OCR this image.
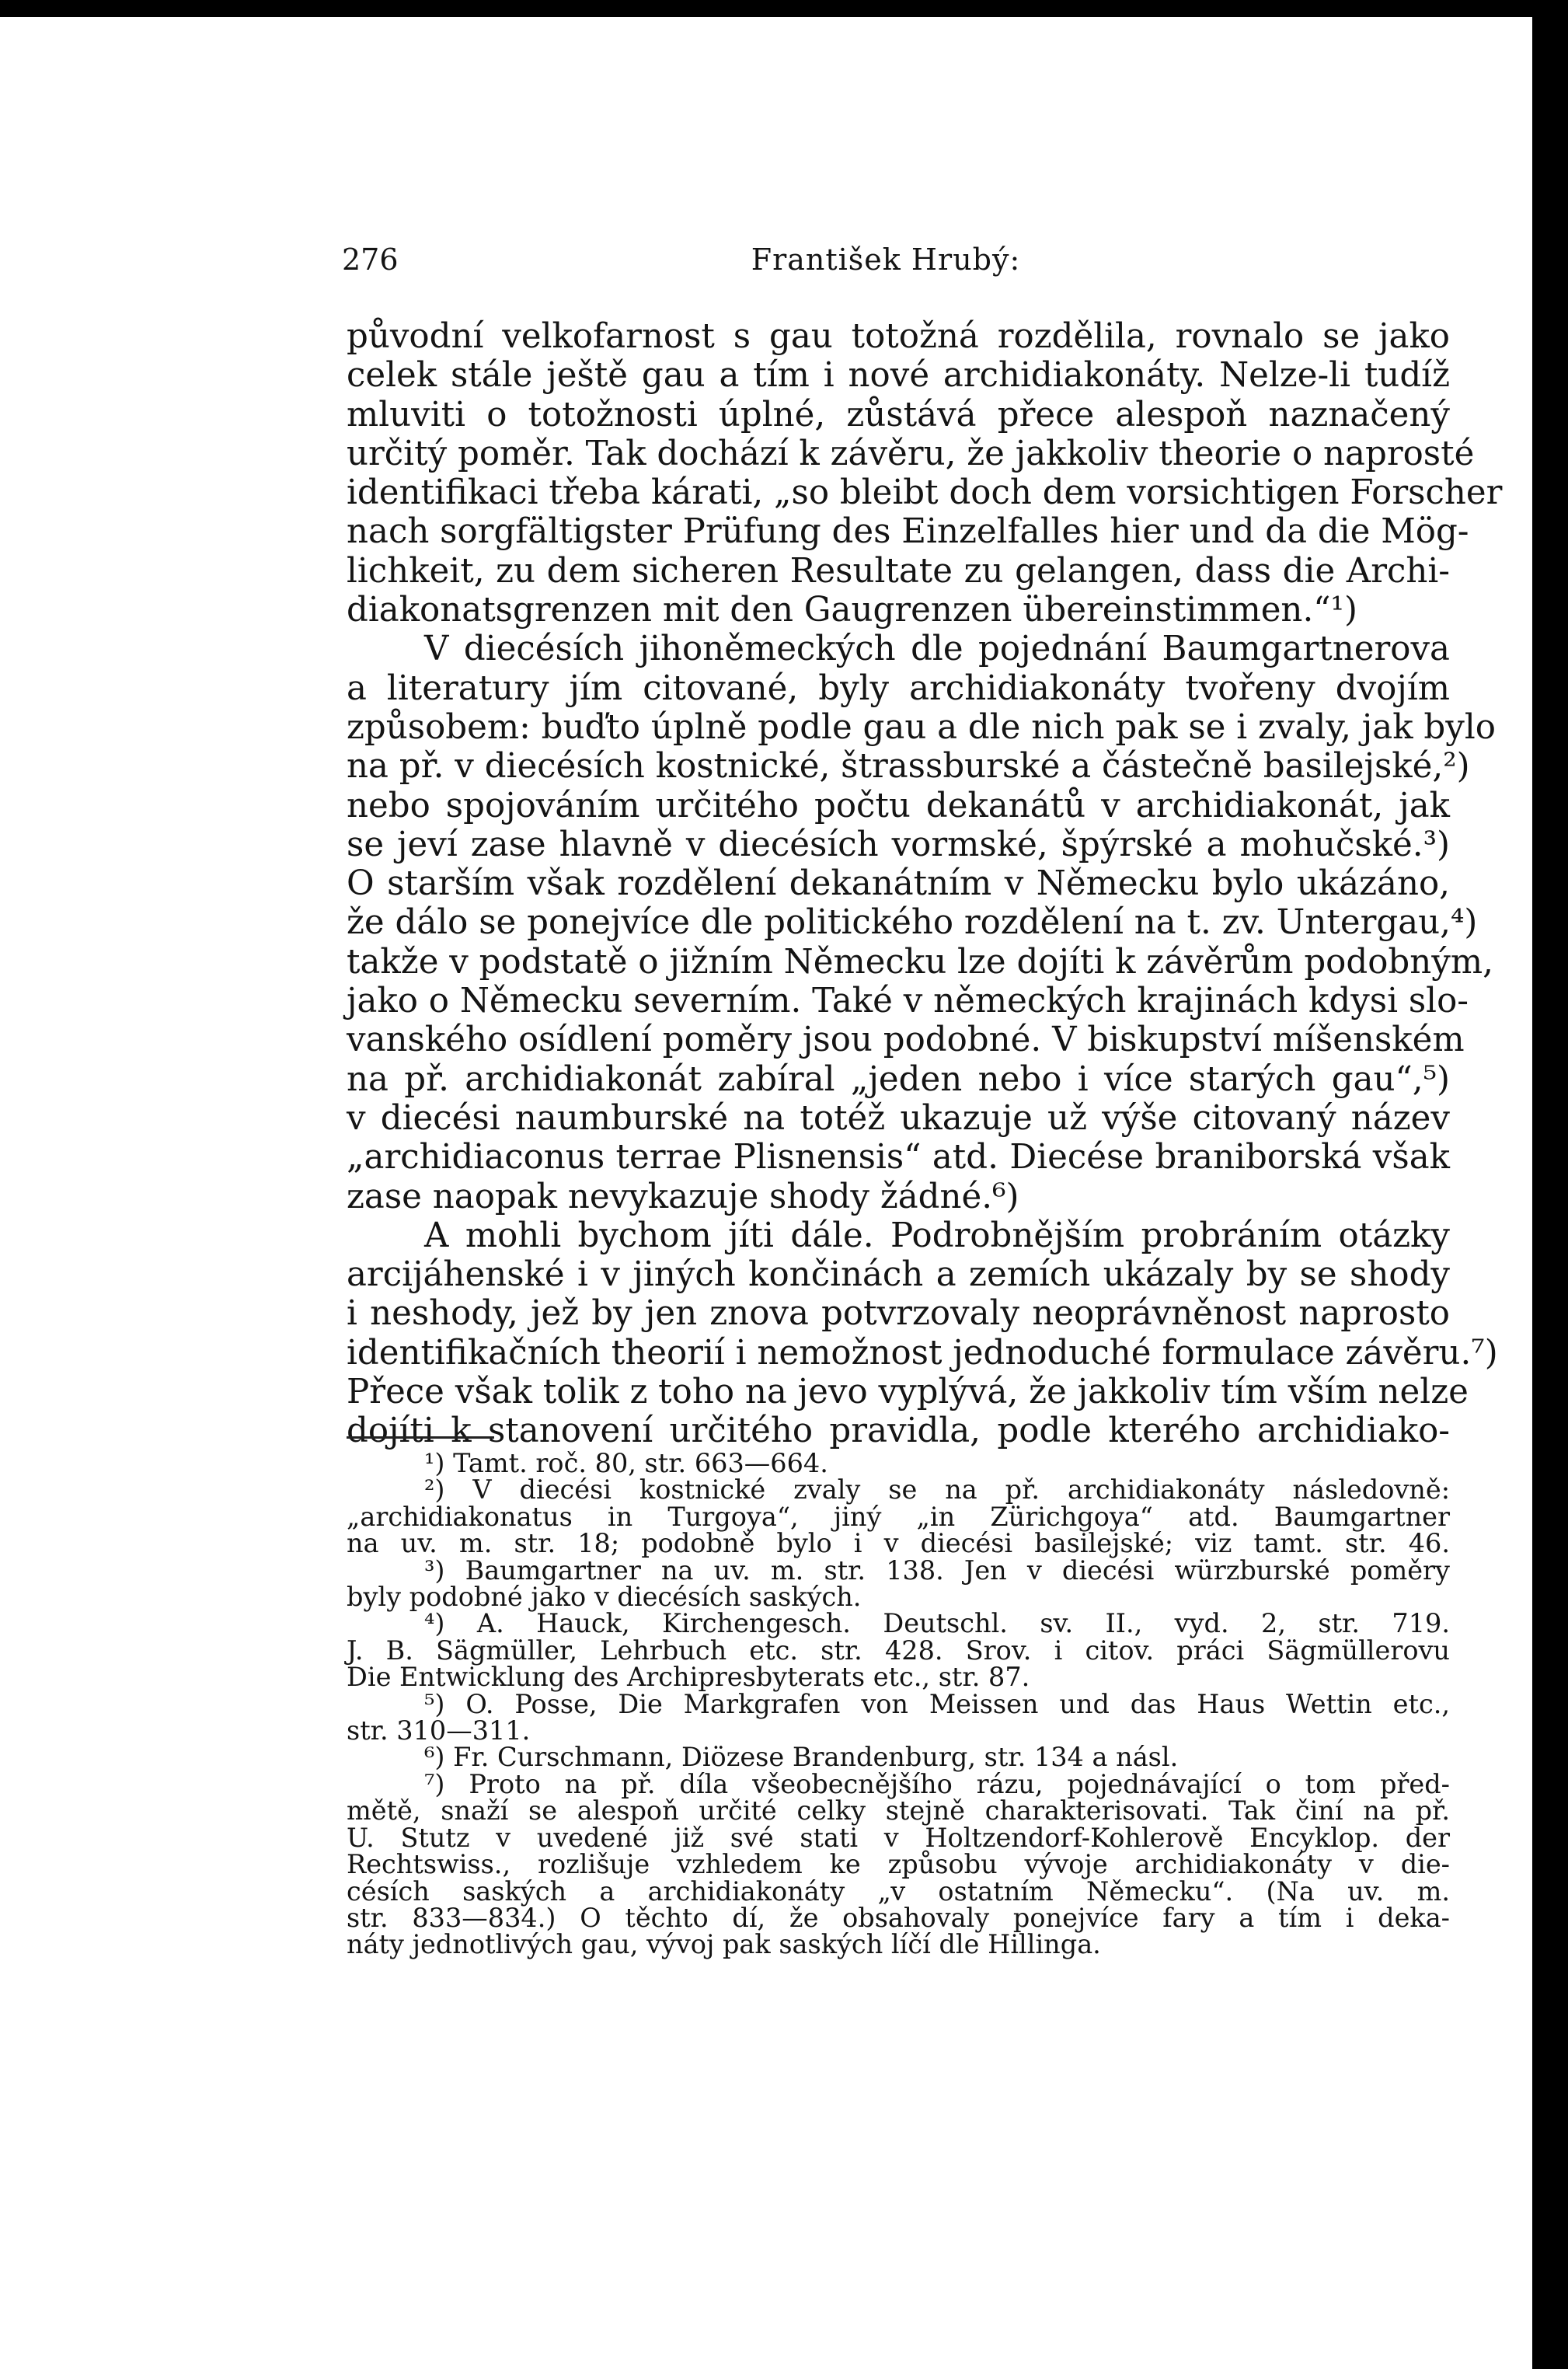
276	František Hrubý:
původní velkofarnost s gau totožná rozdělila, rovnalo se jako
celek stále ještě gau a tím i nové archidiakonáty. Nelze-li tudíž
mluviti o totožnosti úplné, zůstává přece alespoň naznačený
určitý poměr. Tak dochází k závěru, že jakkoliv theorie o naprosté
identifikaci třeba kárati, „so bleibt doch dem vorsichtigen Forscher
nach sorgfältigster Prüfung des Einzelfalles hier und da die Mög-
lichkeit, zu dem sicheren Resultate zu gelangen, dass die Archi-
diakonatsgrenzen mit den Gaugrenzen übereinstimmen.“¹)
V diecésích jihoněmeckých dle pojednání Baumgartnerova
a literatury jím citované, byly archidiakonáty tvořeny dvojím
způsobem: buďto úplně podle gau a dle nich pak se i zvaly, jak bylo
na př. v diecésích kostnické, štrassburské a částečně basilejské,²)
nebo spojováním určitého počtu dekanátů v archidiakonát, jak
se jeví zase hlavně v diecésích vormské, špýrské a mohučské.³)
O starším však rozdělení dekanátním v Německu bylo ukázáno,
že dálo se ponejvíce dle politického rozdělení na t. zv. Untergau,⁴)
takže v podstatě o jižním Německu lze dojíti k závěrům podobným,
jako o Německu severním. Také v německých krajinách kdysi slo-
vanského osídlení poměry jsou podobné. V biskupství míšenském
na př. archidiakonát zabíral „jeden nebo i více starých gau“,⁵)
v diecési naumburské na totéž ukazuje už výše citovaný název
„archidiaconus terrae Plisnensis“ atd. Diecése braniborská však
zase naopak nevykazuje shody žádné.⁶)
A mohli bychom jíti dále. Podrobnějším probráním otázky
arcijáhenské i v jiných končinách a zemích ukázaly by se shody
i neshody, jež by jen znova potvrzovaly neoprávněnost naprosto
identifikačních theorií i nemožnost jednoduché formulace závěru.⁷)
Přece však tolik z toho na jevo vyplývá, že jakkoliv tím vším nelze
dojíti k stanovení určitého pravidla, podle kterého archidiako-
¹) Tamt. roč. 80, str. 663—664.
²) V diecési kostnické zvaly se na př. archidiakonáty následovně:
„archidiakonatus in Turgoya“, jiný „in Zürichgoya“ atd. Baumgartner
na uv. m. str. 18; podobně bylo i v diecési basilejské; viz tamt. str. 46.
³) Baumgartner na uv. m. str. 138. Jen v diecési würzburské poměry
byly podobné jako v diecésích saských.
⁴) A. Hauck, Kirchengesch. Deutschl. sv. II., vyd. 2, str. 719.
J. B. Sägmüller, Lehrbuch etc. str. 428. Srov. i citov. práci Sägmüllerovu
Die Entwicklung des Archipresbyterats etc., str. 87.
⁵) O. Posse, Die Markgrafen von Meissen und das Haus Wettin etc.,
str. 310—311.
⁶) Fr. Curschmann, Diözese Brandenburg, str. 134 a násl.
⁷) Proto na př. díla všeobecnějšího rázu, pojednávající o tom před-
mětě, snaží se alespoň určité celky stejně charakterisovati. Tak činí na př.
U. Stutz v uvedené již své stati v Holtzendorf-Kohlerově Encyklop. der
Rechtswiss., rozlišuje vzhledem ke způsobu vývoje archidiakonáty v die-
césích saských a archidiakonáty „v ostatním Německu“. (Na uv. m.
str. 833—834.) O těchto dí, že obsahovaly ponejvíce fary a tím i deka-
náty jednotlivých gau, vývoj pak saských líčí dle Hillinga.
